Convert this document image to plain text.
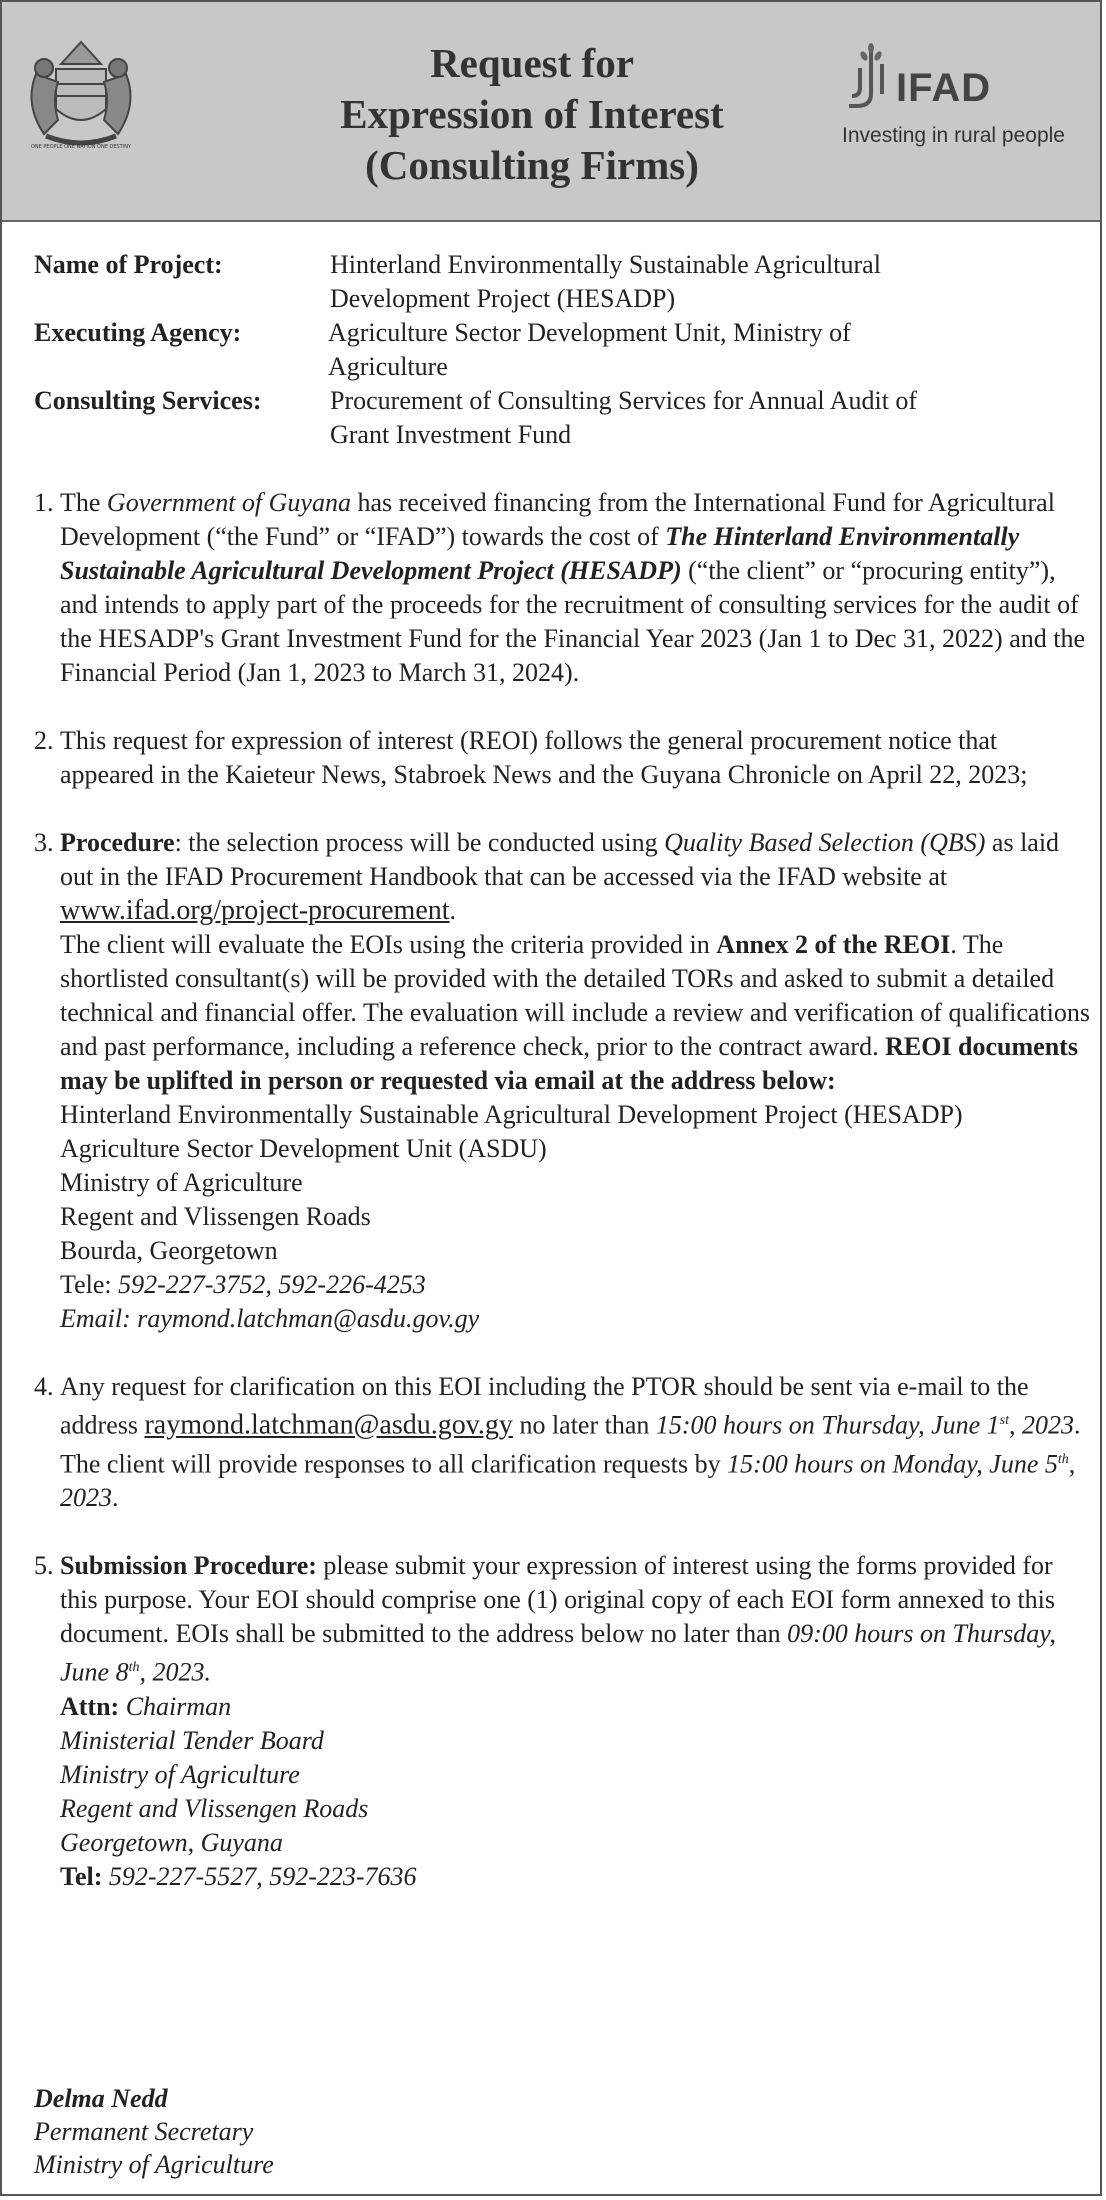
ONE PEOPLE ONE NATION ONE DESTINY
Request for
Expression of Interest
(Consulting Firms)
IFAD
Investing in rural people
Name of Project:	Hinterland Environmentally Sustainable Agricultural
Development Project (HESADP)
Executing Agency:	Agriculture Sector Development Unit, Ministry of
Agriculture
Consulting Services:	Procurement of Consulting Services for Annual Audit of
Grant Investment Fund
1. The Government of Guyana has received financing from the International Fund for Agricultural Development (“the Fund” or “IFAD”) towards the cost of The Hinterland Environmentally Sustainable Agricultural Development Project (HESADP) (“the client” or “procuring entity”), and intends to apply part of the proceeds for the recruitment of consulting services for the audit of the HESADP's Grant Investment Fund for the Financial Year 2023 (Jan 1 to Dec 31, 2022) and the Financial Period (Jan 1, 2023 to March 31, 2024).
2. This request for expression of interest (REOI) follows the general procurement notice that appeared in the Kaieteur News, Stabroek News and the Guyana Chronicle on April 22, 2023;
3. Procedure: the selection process will be conducted using Quality Based Selection (QBS) as laid out in the IFAD Procurement Handbook that can be accessed via the IFAD website at www.ifad.org/project-procurement.
The client will evaluate the EOIs using the criteria provided in Annex 2 of the REOI. The shortlisted consultant(s) will be provided with the detailed TORs and asked to submit a detailed technical and financial offer. The evaluation will include a review and verification of qualifications and past performance, including a reference check, prior to the contract award. REOI documents may be uplifted in person or requested via email at the address below:
Hinterland Environmentally Sustainable Agricultural Development Project (HESADP)
Agriculture Sector Development Unit (ASDU)
Ministry of Agriculture
Regent and Vlissengen Roads
Bourda, Georgetown
Tele: 592-227-3752, 592-226-4253
Email: raymond.latchman@asdu.gov.gy
4. Any request for clarification on this EOI including the PTOR should be sent via e-mail to the address raymond.latchman@asdu.gov.gy no later than 15:00 hours on Thursday, June 1st, 2023. The client will provide responses to all clarification requests by 15:00 hours on Monday, June 5th, 2023.
5. Submission Procedure: please submit your expression of interest using the forms provided for this purpose. Your EOI should comprise one (1) original copy of each EOI form annexed to this document. EOIs shall be submitted to the address below no later than 09:00 hours on Thursday, June 8th, 2023.
Attn: Chairman
Ministerial Tender Board
Ministry of Agriculture
Regent and Vlissengen Roads
Georgetown, Guyana
Tel: 592-227-5527, 592-223-7636
Delma Nedd
Permanent Secretary
Ministry of Agriculture
